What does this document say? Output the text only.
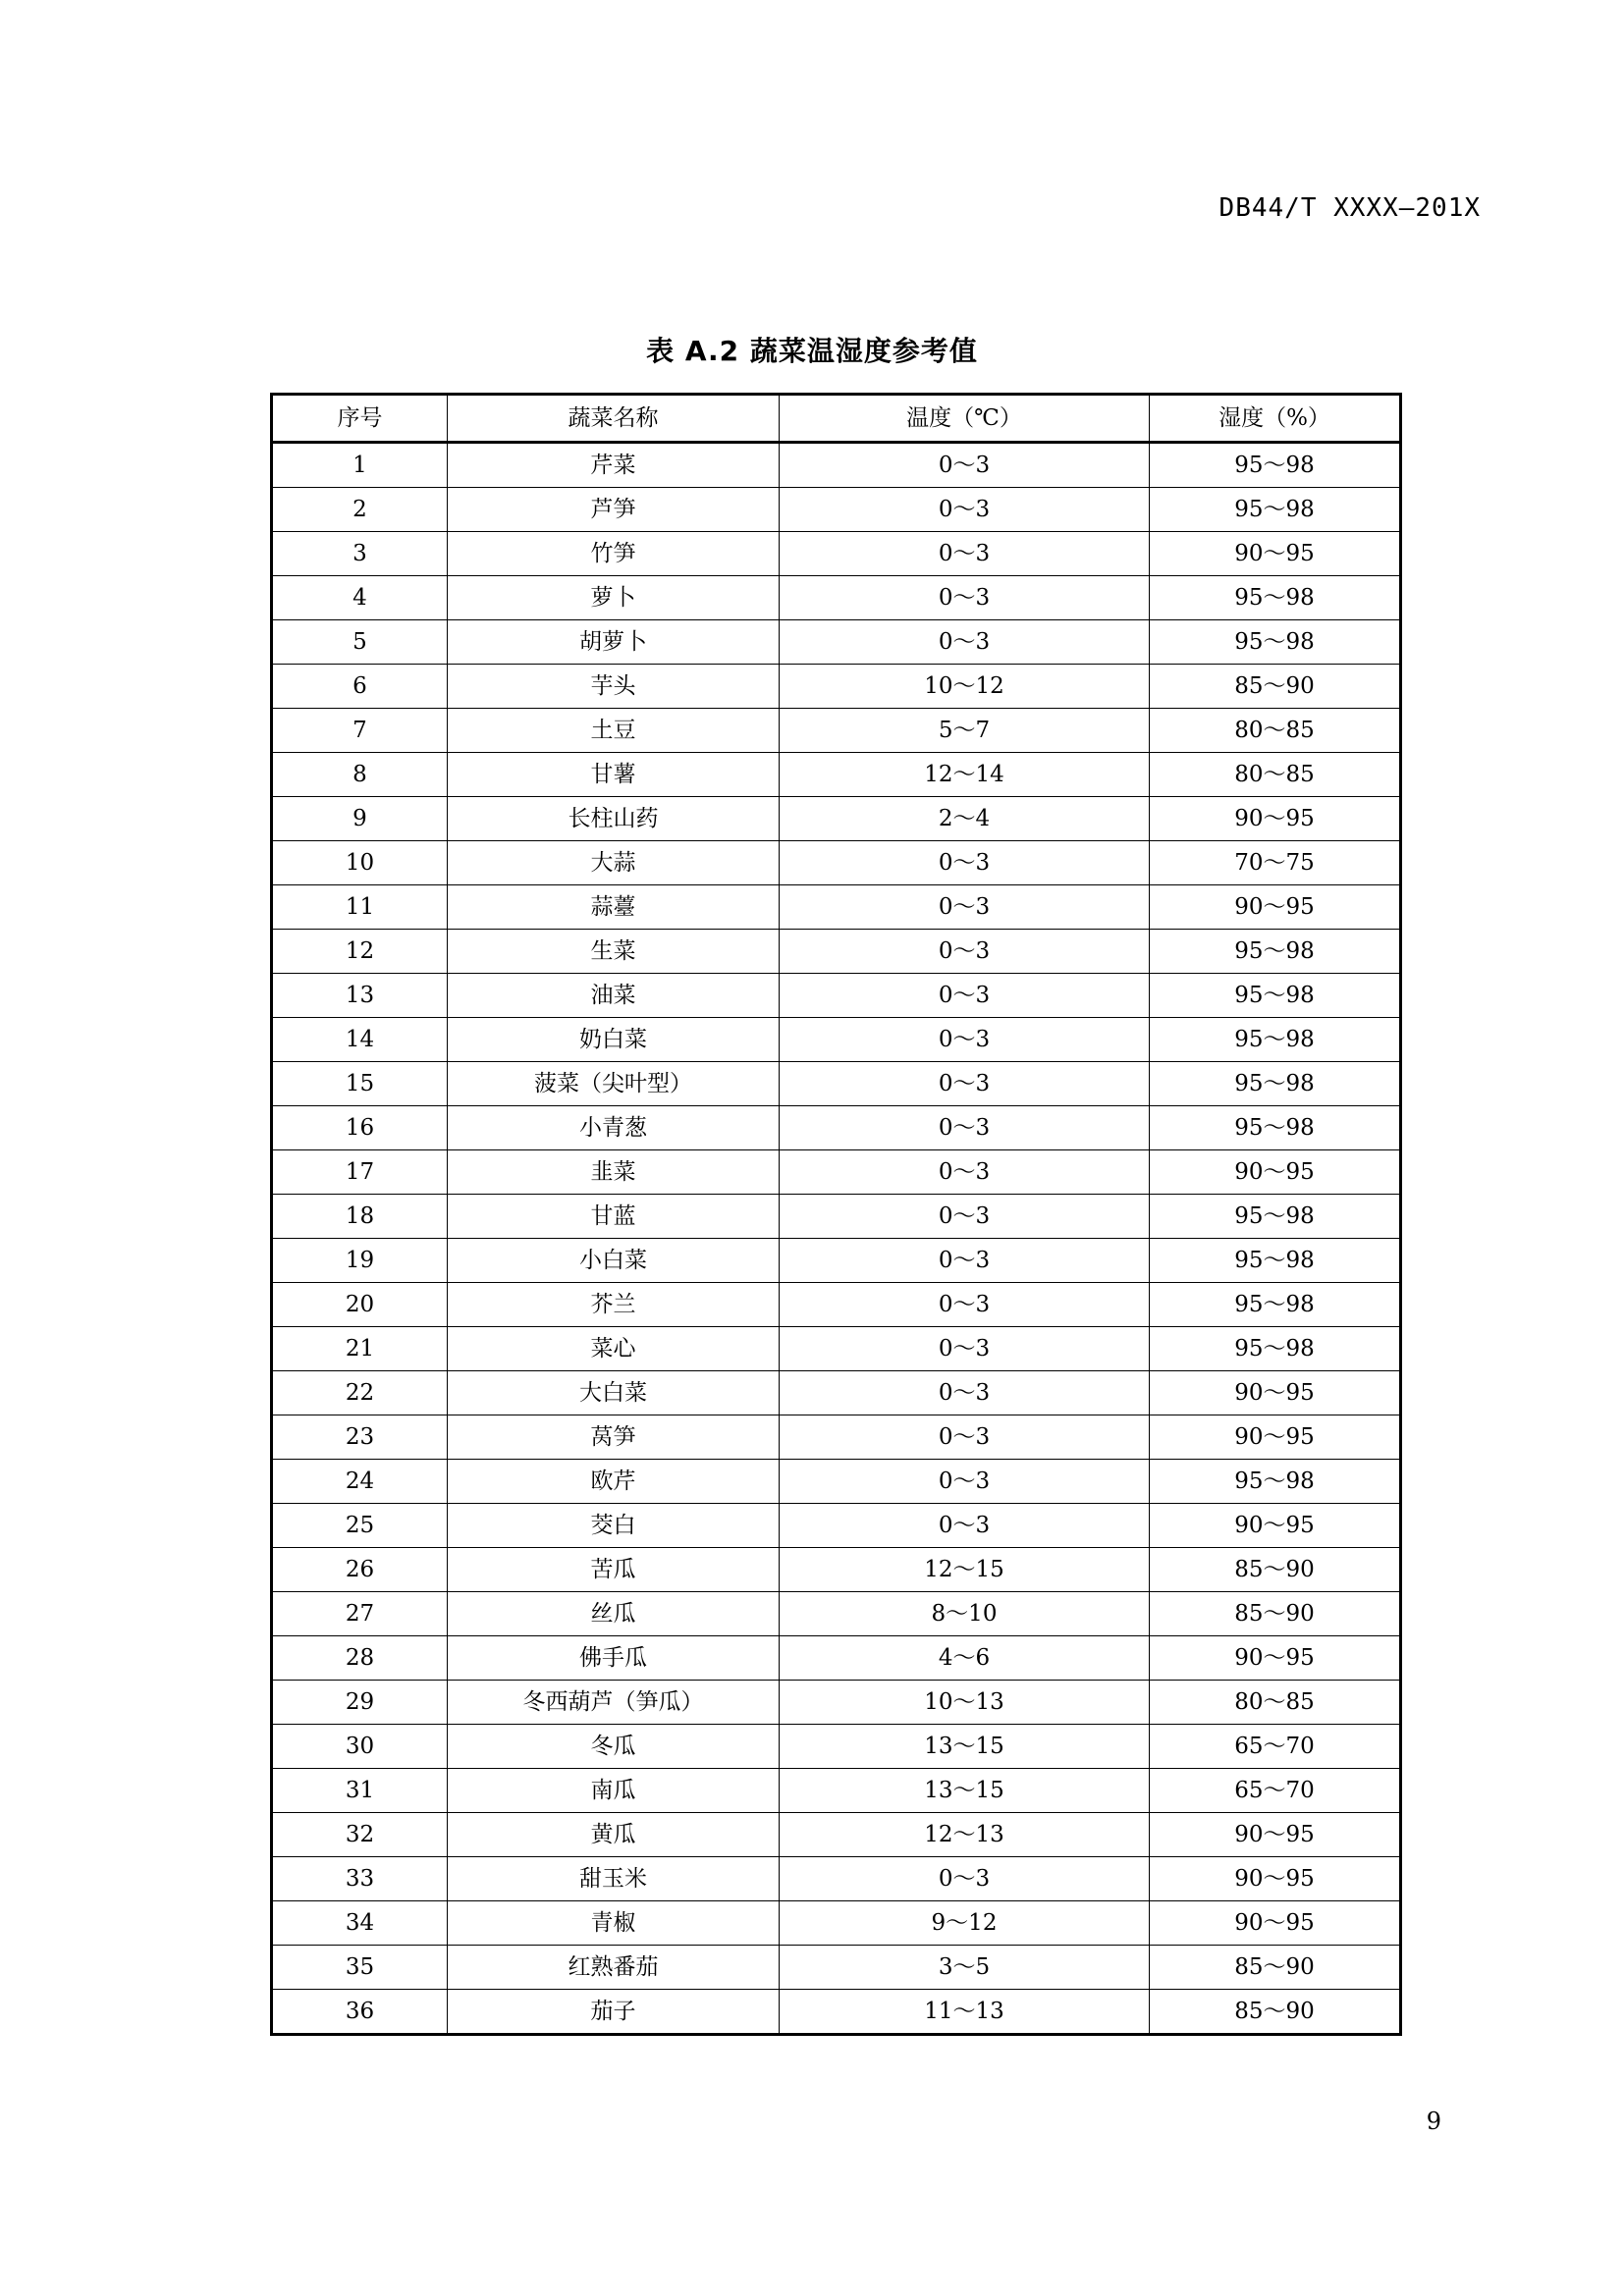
DB44/T XXXX—201X
表 A.2 蔬菜温湿度参考值
序号	蔬菜名称	温度（℃）	湿度（%）
1	芹菜	0～3	95～98
2	芦笋	0～3	95～98
3	竹笋	0～3	90～95
4	萝卜	0～3	95～98
5	胡萝卜	0～3	95～98
6	芋头	10～12	85～90
7	土豆	5～7	80～85
8	甘薯	12～14	80～85
9	长柱山药	2～4	90～95
10	大蒜	0～3	70～75
11	蒜薹	0～3	90～95
12	生菜	0～3	95～98
13	油菜	0～3	95～98
14	奶白菜	0～3	95～98
15	菠菜（尖叶型）	0～3	95～98
16	小青葱	0～3	95～98
17	韭菜	0～3	90～95
18	甘蓝	0～3	95～98
19	小白菜	0～3	95～98
20	芥兰	0～3	95～98
21	菜心	0～3	95～98
22	大白菜	0～3	90～95
23	莴笋	0～3	90～95
24	欧芹	0～3	95～98
25	茭白	0～3	90～95
26	苦瓜	12～15	85～90
27	丝瓜	8～10	85～90
28	佛手瓜	4～6	90～95
29	冬西葫芦（笋瓜）	10～13	80～85
30	冬瓜	13～15	65～70
31	南瓜	13～15	65～70
32	黄瓜	12～13	90～95
33	甜玉米	0～3	90～95
34	青椒	9～12	90～95
35	红熟番茄	3～5	85～90
36	茄子	11～13	85～90
9
